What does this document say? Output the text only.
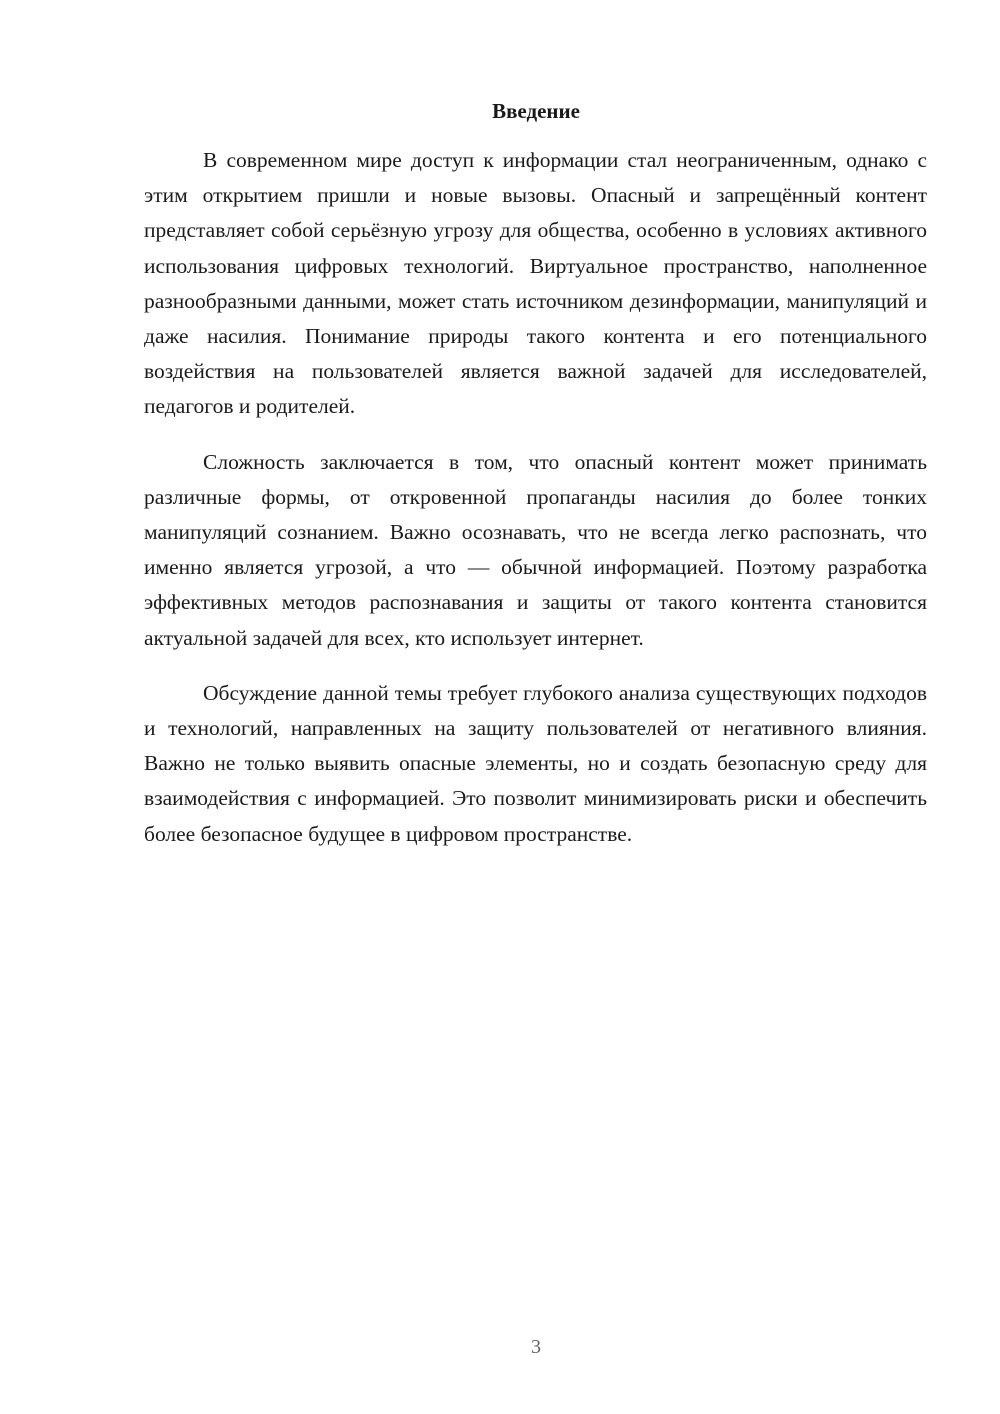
Введение

В современном мире доступ к информации стал неограниченным, однако с этим открытием пришли и новые вызовы. Опасный и запрещённый контент представляет собой серьёзную угрозу для общества, особенно в условиях активного использования цифровых технологий. Виртуальное пространство, наполненное разнообразными данными, может стать источником дезинформации, манипуляций и даже насилия. Понимание природы такого контента и его потенциального воздействия на пользователей является важной задачей для исследователей, педагогов и родителей.

Сложность заключается в том, что опасный контент может принимать различные формы, от откровенной пропаганды насилия до более тонких манипуляций сознанием. Важно осознавать, что не всегда легко распознать, что именно является угрозой, а что — обычной информацией. Поэтому разработка эффективных методов распознавания и защиты от такого контента становится актуальной задачей для всех, кто использует интернет.

Обсуждение данной темы требует глубокого анализа существующих подходов и технологий, направленных на защиту пользователей от негативного влияния. Важно не только выявить опасные элементы, но и создать безопасную среду для взаимодействия с информацией. Это позволит минимизировать риски и обеспечить более безопасное будущее в цифровом пространстве.

3
